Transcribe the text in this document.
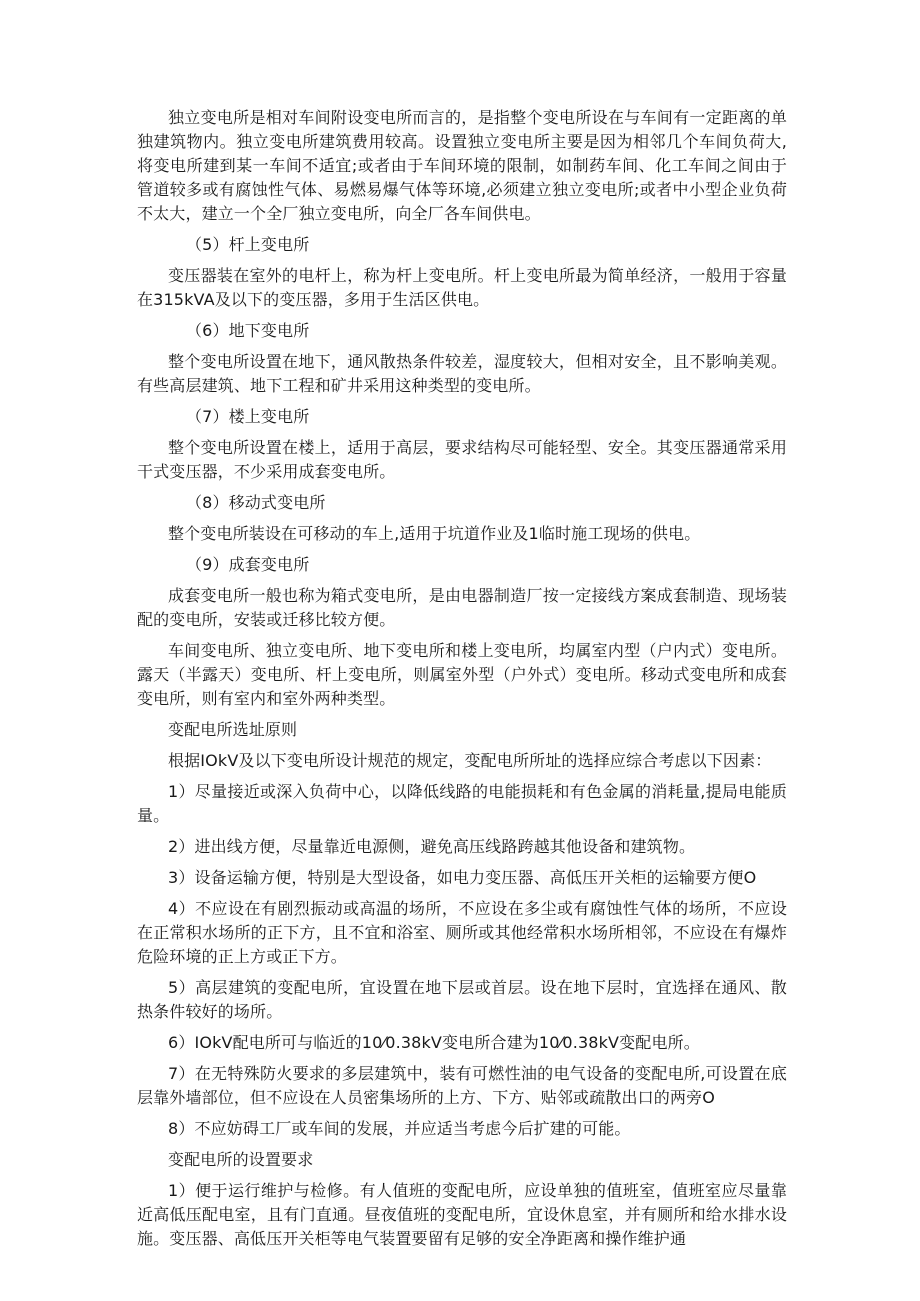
独立变电所是相对车间附设变电所而言的，是指整个变电所设在与车间有一定距离的单独建筑物内。独立变电所建筑费用较高。设置独立变电所主要是因为相邻几个车间负荷大,将变电所建到某一车间不适宜;或者由于车间环境的限制，如制药车间、化工车间之间由于管道较多或有腐蚀性气体、易燃易爆气体等环境,必须建立独立变电所;或者中小型企业负荷不太大，建立一个全厂独立变电所，向全厂各车间供电。

（5）杆上变电所

变压器装在室外的电杆上，称为杆上变电所。杆上变电所最为简单经济，一般用于容量在315kVA及以下的变压器，多用于生活区供电。

（6）地下变电所

整个变电所设置在地下，通风散热条件较差，湿度较大，但相对安全，且不影响美观。有些高层建筑、地下工程和矿井采用这种类型的变电所。

（7）楼上变电所

整个变电所设置在楼上，适用于高层，要求结构尽可能轻型、安全。其变压器通常采用干式变压器，不少采用成套变电所。

（8）移动式变电所

整个变电所装设在可移动的车上,适用于坑道作业及1临时施工现场的供电。

（9）成套变电所

成套变电所一般也称为箱式变电所，是由电器制造厂按一定接线方案成套制造、现场装配的变电所，安装或迁移比较方便。

车间变电所、独立变电所、地下变电所和楼上变电所，均属室内型（户内式）变电所。露天（半露天）变电所、杆上变电所，则属室外型（户外式）变电所。移动式变电所和成套变电所，则有室内和室外两种类型。

变配电所选址原则

根据IOkV及以下变电所设计规范的规定，变配电所所址的选择应综合考虑以下因素：

1）尽量接近或深入负荷中心，以降低线路的电能损耗和有色金属的消耗量,提局电能质量。

2）进出线方便，尽量靠近电源侧，避免高压线路跨越其他设备和建筑物。

3）设备运输方便，特别是大型设备，如电力变压器、高低压开关柜的运输要方便O

4）不应设在有剧烈振动或高温的场所，不应设在多尘或有腐蚀性气体的场所，不应设在正常积水场所的正下方，且不宜和浴室、厕所或其他经常积水场所相邻，不应设在有爆炸危险环境的正上方或正下方。

5）高层建筑的变配电所，宜设置在地下层或首层。设在地下层时，宜选择在通风、散热条件较好的场所。

6）IOkV配电所可与临近的10⁄0.38kV变电所合建为10⁄0.38kV变配电所。

7）在无特殊防火要求的多层建筑中，装有可燃性油的电气设备的变配电所,可设置在底层靠外墙部位，但不应设在人员密集场所的上方、下方、贴邻或疏散出口的两旁O

8）不应妨碍工厂或车间的发展，并应适当考虑今后扩建的可能。

变配电所的设置要求

1）便于运行维护与检修。有人值班的变配电所，应设单独的值班室，值班室应尽量靠近高低压配电室，且有门直通。昼夜值班的变配电所，宜设休息室，并有厕所和给水排水设施。变压器、高低压开关柜等电气装置要留有足够的安全净距离和操作维护通
